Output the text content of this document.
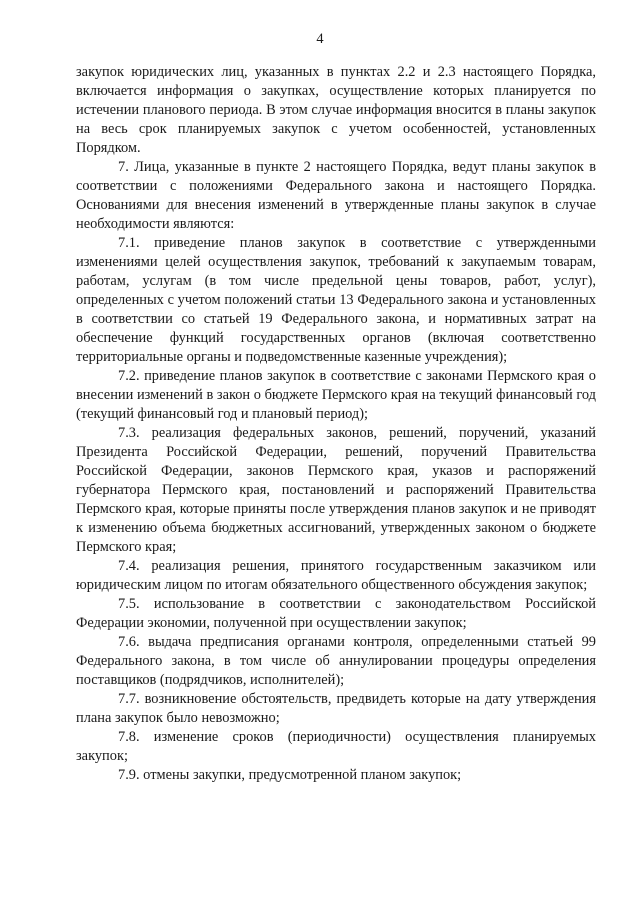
4

закупок юридических лиц, указанных в пунктах 2.2 и 2.3 настоящего Порядка, включается информация о закупках, осуществление которых планируется по истечении планового периода. В этом случае информация вносится в планы закупок на весь срок планируемых закупок с учетом особенностей, установленных Порядком.

7. Лица, указанные в пункте 2 настоящего Порядка, ведут планы закупок в соответствии с положениями Федерального закона и настоящего Порядка. Основаниями для внесения изменений в утвержденные планы закупок в случае необходимости являются:

7.1. приведение планов закупок в соответствие с утвержденными изменениями целей осуществления закупок, требований к закупаемым товарам, работам, услугам (в том числе предельной цены товаров, работ, услуг), определенных с учетом положений статьи 13 Федерального закона и установленных в соответствии со статьей 19 Федерального закона, и нормативных затрат на обеспечение функций государственных органов (включая соответственно территориальные органы и подведомственные казенные учреждения);

7.2. приведение планов закупок в соответствие с законами Пермского края о внесении изменений в закон о бюджете Пермского края на текущий финансовый год (текущий финансовый год и плановый период);

7.3. реализация федеральных законов, решений, поручений, указаний Президента Российской Федерации, решений, поручений Правительства Российской Федерации, законов Пермского края, указов и распоряжений губернатора Пермского края, постановлений и распоряжений Правительства Пермского края, которые приняты после утверждения планов закупок и не приводят к изменению объема бюджетных ассигнований, утвержденных законом о бюджете Пермского края;

7.4. реализация решения, принятого государственным заказчиком или юридическим лицом по итогам обязательного общественного обсуждения закупок;

7.5. использование в соответствии с законодательством Российской Федерации экономии, полученной при осуществлении закупок;

7.6. выдача предписания органами контроля, определенными статьей 99 Федерального закона, в том числе об аннулировании процедуры определения поставщиков (подрядчиков, исполнителей);

7.7. возникновение обстоятельств, предвидеть которые на дату утверждения плана закупок было невозможно;

7.8. изменение сроков (периодичности) осуществления планируемых закупок;

7.9. отмены закупки, предусмотренной планом закупок;
